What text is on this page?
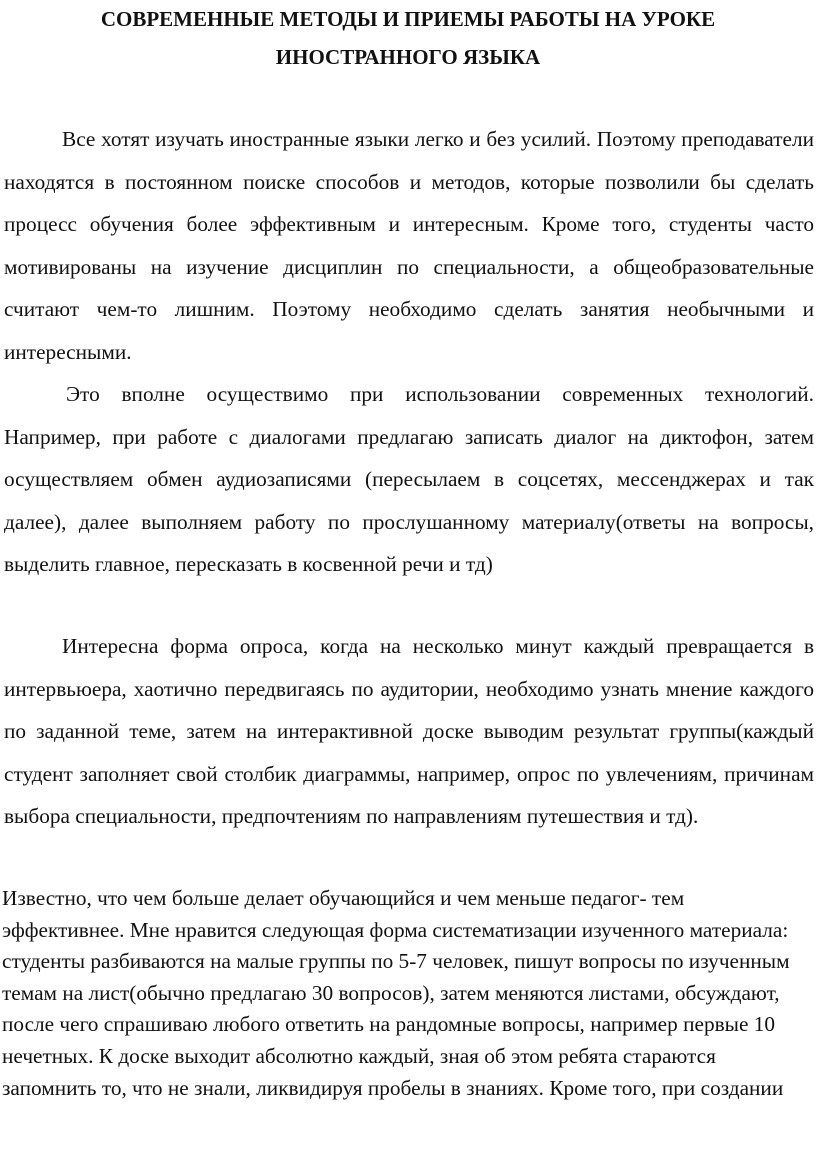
СОВРЕМЕННЫЕ МЕТОДЫ И ПРИЕМЫ РАБОТЫ НА УРОКЕ
ИНОСТРАННОГО ЯЗЫКА

Все хотят изучать иностранные языки легко и без усилий. Поэтому преподаватели находятся в постоянном поиске способов и методов, которые позволили бы сделать процесс обучения более эффективным и интересным. Кроме того, студенты часто мотивированы на изучение дисциплин по специальности, а общеобразовательные считают чем-то лишним. Поэтому необходимо сделать занятия необычными и интересными.

Это вполне осуществимо при использовании современных технологий. Например, при работе с диалогами предлагаю записать диалог на диктофон, затем осуществляем обмен аудиозаписями (пересылаем в соцсетях, мессенджерах и так далее), далее выполняем работу по прослушанному материалу(ответы на вопросы, выделить главное, пересказать в косвенной речи и тд)

Интересна форма опроса, когда на несколько минут каждый превращается в интервьюера, хаотично передвигаясь по аудитории, необходимо узнать мнение каждого по заданной теме, затем на интерактивной доске выводим результат группы(каждый студент заполняет свой столбик диаграммы, например, опрос по увлечениям, причинам выбора специальности, предпочтениям по направлениям путешествия и тд).

Известно, что чем больше делает обучающийся и чем меньше педагог- тем эффективнее. Мне нравится следующая форма систематизации изученного материала: студенты разбиваются на малые группы по 5-7 человек, пишут вопросы по изученным темам на лист(обычно предлагаю 30 вопросов), затем меняются листами, обсуждают, после чего спрашиваю любого ответить на рандомные вопросы, например первые 10 нечетных. К доске выходит абсолютно каждый, зная об этом ребята стараются запомнить то, что не знали, ликвидируя пробелы в знаниях. Кроме того, при создании
